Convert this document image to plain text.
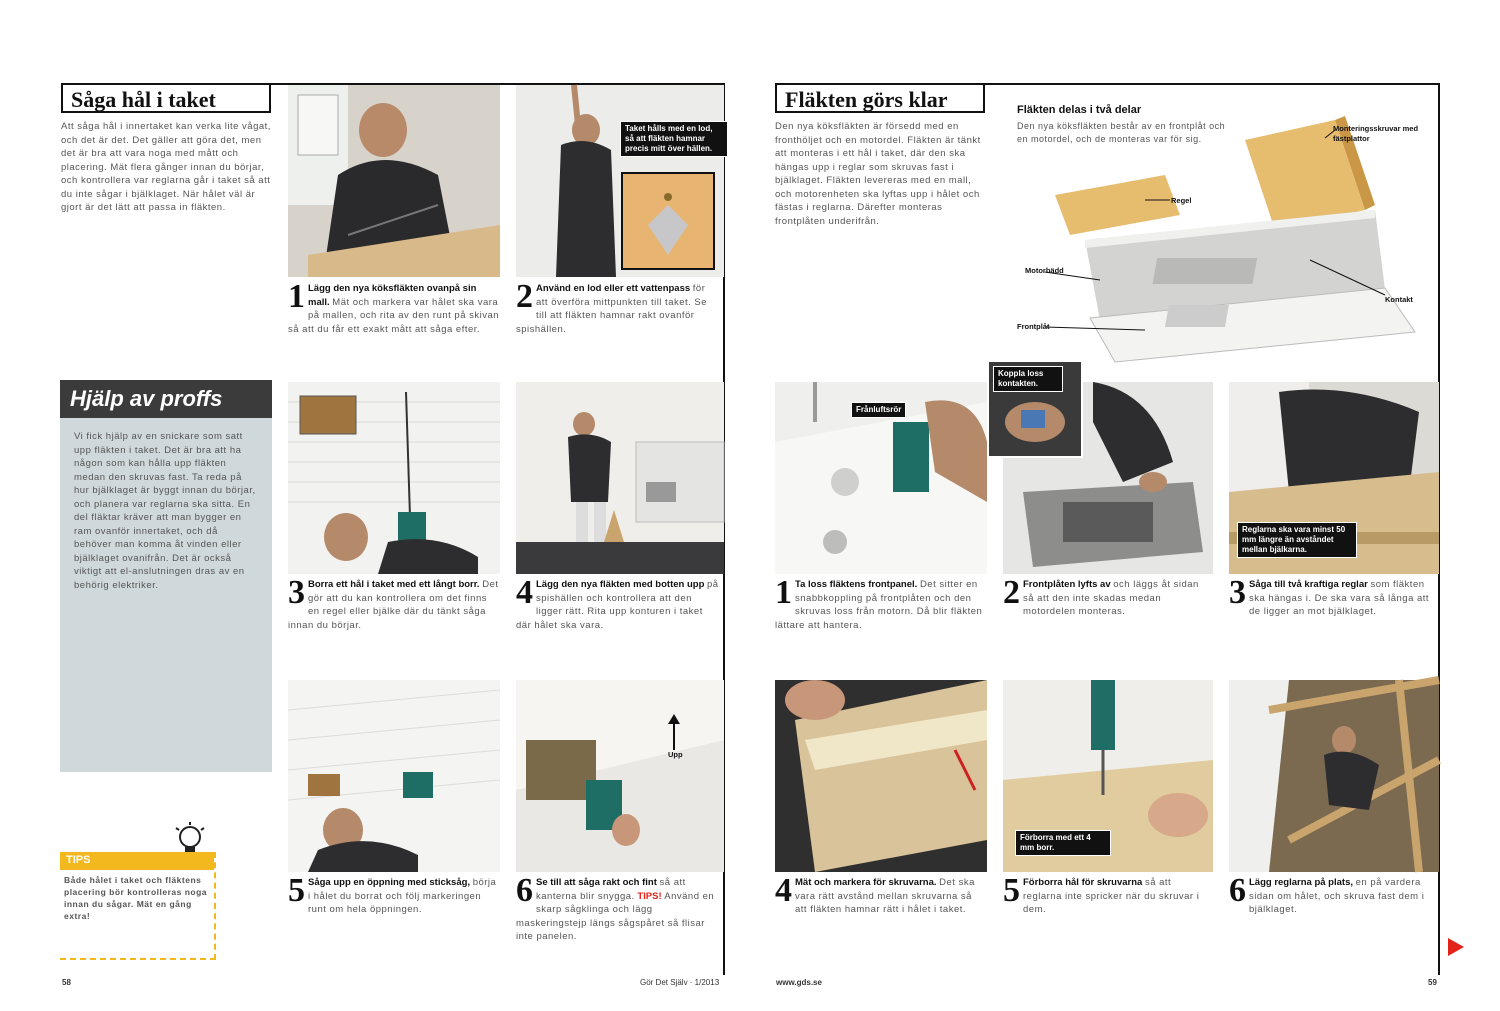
Såga hål i taket
Att såga hål i innertaket kan verka lite vågat, och det är det. Det gäller att göra det, men det är bra att vara noga med mått och placering. Mät flera gånger innan du börjar, och kontrollera var reglarna går i taket så att du inte sågar i bjälklaget. När hålet väl är gjort är det lätt att passa in fläkten.
Taket hålls med en lod, så att fläkten hamnar precis mitt över hällen.
1 Lägg den nya köksfläkten ovanpå sin mall. Mät och markera var hålet ska vara på mallen, och rita av den runt på skivan så att du får ett exakt mått att såga efter.
2 Använd en lod eller ett vattenpass för att överföra mittpunkten till taket. Se till att fläkten hamnar rakt ovanför spishällen.
Hjälp av proffs
Vi fick hjälp av en snickare som satt upp fläkten i taket. Det är bra att ha någon som kan hålla upp fläkten medan den skruvas fast. Ta reda på hur bjälklaget är byggt innan du börjar, och planera var reglarna ska sitta. En del fläktar kräver att man bygger en ram ovanför innertaket, och då behöver man komma åt vinden eller bjälklaget ovanifrån. Det är också viktigt att el-anslutningen dras av en behörig elektriker.	3 Borra ett hål i taket med ett långt borr. Det gör att du kan kontrollera om det finns en regel eller bjälke där du tänkt såga innan du börjar.
4 Lägg den nya fläkten med botten upp på spishällen och kontrollera att den ligger rätt. Rita upp konturen i taket där hålet ska vara.
Upp
5 Såga upp en öppning med sticksåg, börja i hålet du borrat och följ markeringen runt om hela öppningen.
6 Se till att såga rakt och fint så att kanterna blir snygga. TIPS! Använd en skarp sågklinga och lägg maskeringstejp längs sågspåret så flisar inte panelen.
TIPS
Både hålet i taket och fläktens placering bör kontrolleras noga innan du sågar. Mät en gång extra!
58	Gör Det Själv · 1/2013
Fläkten görs klar
Den nya köksfläkten är försedd med en fronthöljet och en motordel. Fläkten är tänkt att monteras i ett hål i taket, där den ska hängas upp i reglar som skruvas fast i bjälklaget. Fläkten levereras med en mall, och motorenheten ska lyftas upp i hålet och fästas i reglarna. Därefter monteras frontplåten underifrån.
Fläkten delas i två delar
Den nya köksfläkten består av en frontplåt och en motordel, och de monteras var för sig.
Monteringsskruvar med fästplattor
Regel
Motorbädd
Kontakt
Frontplåt
Frånluftsrör
Koppla loss kontakten.
Reglarna ska vara minst 50 mm längre än avståndet mellan bjälkarna.
1 Ta loss fläktens frontpanel. Det sitter en snabbkoppling på frontplåten och den skruvas loss från motorn. Då blir fläkten lättare att hantera.
2 Frontplåten lyfts av och läggs åt sidan så att den inte skadas medan motordelen monteras.
3 Såga till två kraftiga reglar som fläkten ska hängas i. De ska vara så långa att de ligger an mot bjälklaget.
Förborra med ett 4 mm borr.
4 Mät och markera för skruvarna. Det ska vara rätt avstånd mellan skruvarna så att fläkten hamnar rätt i hålet i taket.
5 Förborra hål för skruvarna så att reglarna inte spricker när du skruvar i dem.
6 Lägg reglarna på plats, en på vardera sidan om hålet, och skruva fast dem i bjälklaget.
www.gds.se	59
